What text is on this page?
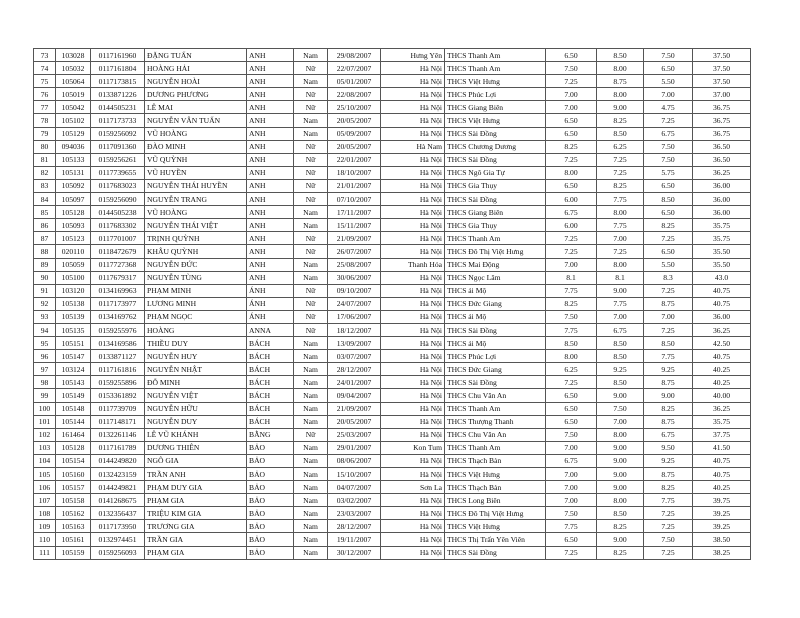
73	103028	0117161960	ĐẶNG TUẤN	ANH	Nam	29/08/2007	Hưng Yên	THCS Thanh Am	6.50	8.50	7.50	37.50
74	105032	0117161804	HOÀNG HẢI	ANH	Nữ	22/07/2007	Hà Nội	THCS Thanh Am	7.50	8.00	6.50	37.50
75	105064	0117173815	NGUYỄN HOÀI	ANH	Nam	05/01/2007	Hà Nội	THCS Việt Hưng	7.25	8.75	5.50	37.50
76	105019	0133871226	DƯƠNG PHƯƠNG	ANH	Nữ	22/08/2007	Hà Nội	THCS Phúc Lợi	7.00	8.00	7.00	37.00
77	105042	0144505231	LÊ MAI	ANH	Nữ	25/10/2007	Hà Nội	THCS Giang Biên	7.00	9.00	4.75	36.75
78	105102	0117173733	NGUYỄN VÂN TUẤN	ANH	Nam	20/05/2007	Hà Nội	THCS Việt Hưng	6.50	8.25	7.25	36.75
79	105129	0159256092	VŨ HOÀNG	ANH	Nam	05/09/2007	Hà Nội	THCS Sài Đồng	6.50	8.50	6.75	36.75
80	094036	0117091360	ĐÀO MINH	ANH	Nữ	20/05/2007	Hà Nam	THCS Chương Dương	8.25	6.25	7.50	36.50
81	105133	0159256261	VŨ QUỲNH	ANH	Nữ	22/01/2007	Hà Nội	THCS Sài Đồng	7.25	7.25	7.50	36.50
82	105131	0117739655	VŨ HUYỀN	ANH	Nữ	18/10/2007	Hà Nội	THCS Ngô Gia Tự	8.00	7.25	5.75	36.25
83	105092	0117683023	NGUYỄN THÁI HUYỀN	ANH	Nữ	21/01/2007	Hà Nội	THCS Gia Thụy	6.50	8.25	6.50	36.00
84	105097	0159256090	NGUYỄN TRANG	ANH	Nữ	07/10/2007	Hà Nội	THCS Sài Đồng	6.00	7.75	8.50	36.00
85	105128	0144505238	VŨ HOÀNG	ANH	Nam	17/11/2007	Hà Nội	THCS Giang Biên	6.75	8.00	6.50	36.00
86	105093	0117683302	NGUYỄN THÁI VIỆT	ANH	Nam	15/11/2007	Hà Nội	THCS Gia Thụy	6.00	7.75	8.25	35.75
87	105123	0117701007	TRỊNH QUỲNH	ANH	Nữ	21/09/2007	Hà Nội	THCS Thanh Am	7.25	7.00	7.25	35.75
88	020110	0118472679	KHÂU QUỲNH	ANH	Nữ	26/07/2007	Hà Nội	THCS Đô Thị Việt Hưng	7.25	7.25	6.50	35.50
89	105059	0117727368	NGUYỄN ĐỨC	ANH	Nam	25/08/2007	Thanh Hóa	THCS Mai Động	7.00	8.00	5.50	35.50
90	105100	0117679317	NGUYỄN TÙNG	ANH	Nam	30/06/2007	Hà Nội	THCS Ngọc Lâm	8.1	8.1	8.3	43.0
91	103120	0134169963	PHẠM MINH	ÁNH	Nữ	09/10/2007	Hà Nội	THCS ái Mộ	7.75	9.00	7.25	40.75
92	105138	0117173977	LƯƠNG MINH	ÁNH	Nữ	24/07/2007	Hà Nội	THCS Đức Giang	8.25	7.75	8.75	40.75
93	105139	0134169762	PHẠM NGỌC	ÁNH	Nữ	17/06/2007	Hà Nội	THCS ái Mộ	7.50	7.00	7.00	36.00
94	105135	0159255976	HOÀNG	ANNA	Nữ	18/12/2007	Hà Nội	THCS Sài Đồng	7.75	6.75	7.25	36.25
95	105151	0134169586	THIỀU DUY	BÁCH	Nam	13/09/2007	Hà Nội	THCS ái Mộ	8.50	8.50	8.50	42.50
96	105147	0133871127	NGUYỄN HUY	BÁCH	Nam	03/07/2007	Hà Nội	THCS Phúc Lợi	8.00	8.50	7.75	40.75
97	103124	0117161816	NGUYỄN NHẬT	BÁCH	Nam	28/12/2007	Hà Nội	THCS Đức Giang	6.25	9.25	9.25	40.25
98	105143	0159255896	ĐỖ MINH	BÁCH	Nam	24/01/2007	Hà Nội	THCS Sài Đồng	7.25	8.50	8.75	40.25
99	105149	0153361892	NGUYỄN VIỆT	BÁCH	Nam	09/04/2007	Hà Nội	THCS Chu Văn An	6.50	9.00	9.00	40.00
100	105148	0117739709	NGUYỄN HỮU	BÁCH	Nam	21/09/2007	Hà Nội	THCS Thanh Am	6.50	7.50	8.25	36.25
101	105144	0117148171	NGUYỄN DUY	BÁCH	Nam	20/05/2007	Hà Nội	THCS Thượng Thanh	6.50	7.00	8.75	35.75
102	161464	0132261146	LÊ VŨ KHÁNH	BẰNG	Nữ	25/03/2007	Hà Nội	THCS Chu Văn An	7.50	8.00	6.75	37.75
103	105128	0117161789	DƯƠNG THIÊN	BẢO	Nam	29/01/2007	Kon Tum	THCS Thanh Am	7.00	9.00	9.50	41.50
104	105154	0144249820	NGÔ GIA	BẢO	Nam	08/06/2007	Hà Nội	THCS Thạch Bàn	6.75	9.00	9.25	40.75
105	105160	0132423159	TRẦN ANH	BẢO	Nam	15/10/2007	Hà Nội	THCS Việt Hưng	7.00	9.00	8.75	40.75
106	105157	0144249821	PHẠM DUY GIA	BẢO	Nam	04/07/2007	Sơn La	THCS Thạch Bàn	7.00	9.00	8.25	40.25
107	105158	0141268675	PHẠM GIA	BẢO	Nam	03/02/2007	Hà Nội	THCS Long Biên	7.00	8.00	7.75	39.75
108	105162	0132356437	TRIỆU KIM GIA	BẢO	Nam	23/03/2007	Hà Nội	THCS Đô Thị Việt Hưng	7.50	8.50	7.25	39.25
109	105163	0117173950	TRƯƠNG GIA	BẢO	Nam	28/12/2007	Hà Nội	THCS Việt Hưng	7.75	8.25	7.25	39.25
110	105161	0132974451	TRẦN GIA	BẢO	Nam	19/11/2007	Hà Nội	THCS Thị Trấn Yên Viên	6.50	9.00	7.50	38.50
111	105159	0159256093	PHẠM GIA	BẢO	Nam	30/12/2007	Hà Nội	THCS Sài Đồng	7.25	8.25	7.25	38.25
